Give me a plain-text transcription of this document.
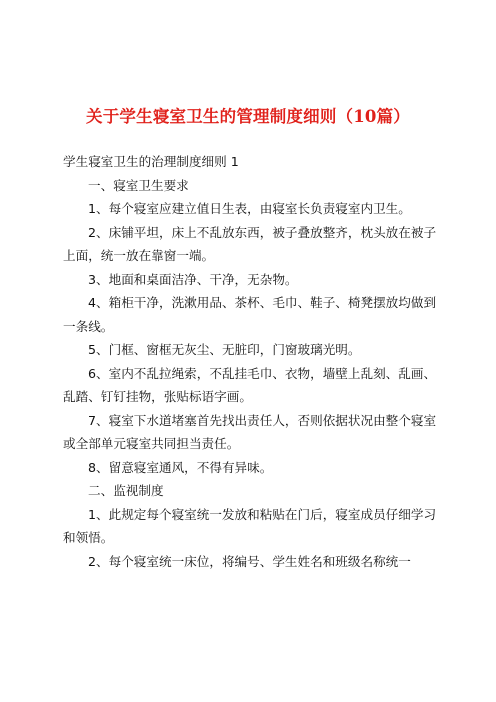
关于学生寝室卫生的管理制度细则（10篇）

学生寝室卫生的治理制度细则 1

一、寝室卫生要求

1、每个寝室应建立值日生表，由寝室长负责寝室内卫生。

2、床铺平坦，床上不乱放东西，被子叠放整齐，枕头放在被子上面，统一放在靠窗一端。

3、地面和桌面洁净、干净，无杂物。

4、箱柜干净，洗漱用品、茶杯、毛巾、鞋子、椅凳摆放均做到一条线。

5、门框、窗框无灰尘、无脏印，门窗玻璃光明。

6、室内不乱拉绳索，不乱挂毛巾、衣物，墙壁上乱刻、乱画、乱踏、钉钉挂物，张贴标语字画。

7、寝室下水道堵塞首先找出责任人，否则依据状况由整个寝室或全部单元寝室共同担当责任。

8、留意寝室通风，不得有异味。

二、监视制度

1、此规定每个寝室统一发放和粘贴在门后，寝室成员仔细学习和领悟。

2、每个寝室统一床位，将编号、学生姓名和班级名称统一
